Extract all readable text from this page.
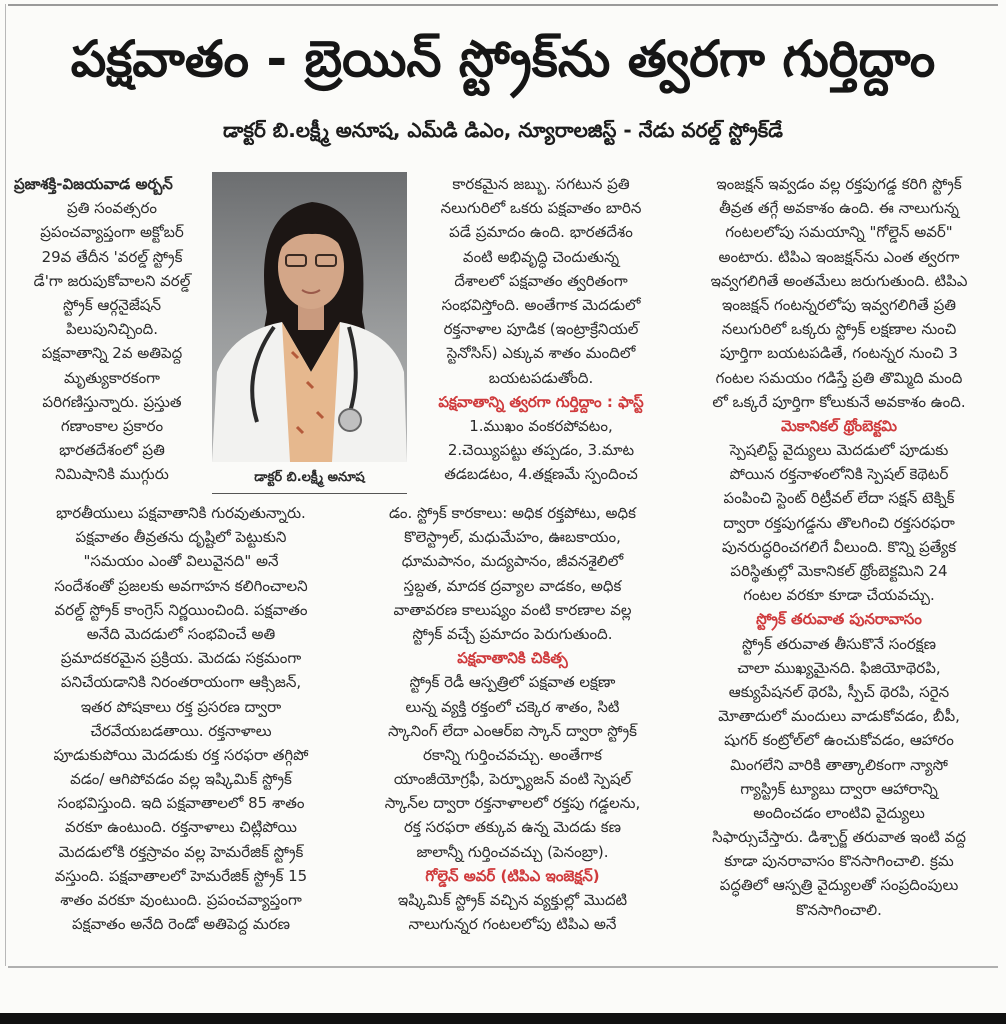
పక్షవాతం - బ్రెయిన్ స్ట్రోక్‌ను త్వరగా గుర్తిద్దాం
డాక్టర్ బి.లక్ష్మీ అనూష, ఎమ్‌డి డిఎం, న్యూరాలజిస్ట్ - నేడు వరల్డ్ స్ట్రోక్‌డే
ప్రజాశక్తి-విజయవాడ అర్బన్
ప్రతి సంవత్సరం
ప్రపంచవ్యాప్తంగా అక్టోబర్
29వ తేదీన 'వరల్డ్ స్ట్రోక్
డే'గా జరుపుకోవాలని వరల్డ్
స్ట్రోక్ ఆర్గనైజేషన్
పిలుపునిచ్చింది.
పక్షవాతాన్ని 2వ అతిపెద్ద
మృత్యుకారకంగా
పరిగణిస్తున్నారు. ప్రస్తుత
గణాంకాల ప్రకారం
భారతదేశంలో ప్రతి
నిమిషానికి ముగ్గురు
భారతీయులు పక్షవాతానికి గురవుతున్నారు.
పక్షవాతం తీవ్రతను దృష్టిలో పెట్టుకుని
"సమయం ఎంతో విలువైనది" అనే
సందేశంతో ప్రజలకు అవగాహన కలిగించాలని
వరల్డ్ స్ట్రోక్ కాంగ్రెస్ నిర్ణయించింది. పక్షవాతం
అనేది మెదడులో సంభవించే అతి
ప్రమాదకరమైన ప్రక్రియ. మెదడు సక్రమంగా
పనిచేయడానికి నిరంతరాయంగా ఆక్సిజన్,
ఇతర పోషకాలు రక్త ప్రసరణ ద్వారా
చేరవేయబడతాయి. రక్తనాళాలు
పూడుకుపోయి మెదడుకు రక్త సరఫరా తగ్గిపో
వడం/ ఆగిపోవడం వల్ల ఇష్కిమిక్ స్ట్రోక్
సంభవిస్తుంది. ఇది పక్షవాతాలలో 85 శాతం
వరకూ ఉంటుంది. రక్తనాళాలు చిట్లిపోయి
మెదడులోకి రక్తస్రావం వల్ల హెమరేజిక్ స్ట్రోక్
వస్తుంది. పక్షవాతాలలో హెమరేజిక్ స్ట్రోక్ 15
శాతం వరకూ వుంటుంది. ప్రపంచవ్యాప్తంగా
పక్షవాతం అనేది రెండో అతిపెద్ద మరణ
డాక్టర్ బి.లక్ష్మీ అనూష
కారకమైన జబ్బు. సగటున ప్రతి
నలుగురిలో ఒకరు పక్షవాతం బారిన
పడే ప్రమాదం ఉంది. భారతదేశం
వంటి అభివృద్ధి చెందుతున్న
దేశాలలో పక్షవాతం త్వరితంగా
సంభవిస్తోంది. అంతేగాక మెదడులో
రక్తనాళాల పూడిక (ఇంట్రాక్రేనియల్
స్టెనోసిస్) ఎక్కువ శాతం మందిలో
బయటపడుతోంది.
పక్షవాతాన్ని త్వరగా గుర్తిద్దాం : ఫాస్ట్
1.ముఖం వంకరపోవటం,
2.చెయ్యిపట్టు తప్పడం, 3.మాట
తడబడటం, 4.తక్షణమే స్పందించ
డం. స్ట్రోక్ కారకాలు: అధిక రక్తపోటు, అధిక
కొలెస్ట్రాల్, మధుమేహం, ఊబకాయం,
ధూమపానం, మద్యపానం, జీవనశైలిలో
స్తబ్దత, మాదక ద్రవ్యాల వాడకం, అధిక
వాతావరణ కాలుష్యం వంటి కారణాల వల్ల
స్ట్రోక్ వచ్చే ప్రమాదం పెరుగుతుంది.
పక్షవాతానికి చికిత్స
స్ట్రోక్ రెడీ ఆస్పత్రిలో పక్షవాత లక్షణా
లున్న వ్యక్తి రక్తంలో చక్కెర శాతం, సిటి
స్కానింగ్ లేదా ఎంఆర్ఐ స్కాన్ ద్వారా స్ట్రోక్
రకాన్ని గుర్తించవచ్చు. అంతేగాక
యాంజీయోగ్రఫీ, పెర్ఫ్యూజన్ వంటి స్పెషల్
స్కాన్‌ల ద్వారా రక్తనాళాలలో రక్తపు గడ్డలను,
రక్త సరఫరా తక్కువ ఉన్న మెదడు కణ
జాలాన్నీ గుర్తించవచ్చు (పెనంబ్రా).
గోల్డెన్ అవర్ (టిపిఎ ఇంజెక్షన్)
ఇష్కిమిక్ స్ట్రోక్ వచ్చిన వ్యక్తుల్లో మొదటి
నాలుగున్నర గంటలలోపు టిపిఎ అనే
ఇంజక్షన్ ఇవ్వడం వల్ల రక్తపుగడ్డ కరిగి స్ట్రోక్
తీవ్రత తగ్గే అవకాశం ఉంది. ఈ నాలుగున్న
గంటలలోపు సమయాన్ని "గోల్డెన్ అవర్"
అంటారు. టిపిఎ ఇంజక్షన్‌ను ఎంత త్వరగా
ఇవ్వగలిగితే అంతమేలు జరుగుతుంది. టిపిఎ
ఇంజక్షన్ గంటన్నరలోపు ఇవ్వగలిగితే ప్రతి
నలుగురిలో ఒక్కరు స్ట్రోక్ లక్షణాల నుంచి
పూర్తిగా బయటపడితే, గంటన్నర నుంచి 3
గంటల సమయం గడిస్తే ప్రతి తొమ్మిది మంది
లో ఒక్కరే పూర్తిగా కోలుకునే అవకాశం ఉంది.
మెకానికల్ థ్రోంబెక్టమి
స్పెషలిస్ట్ వైద్యులు మెదడులో పూడుకు
పోయిన రక్తనాళంలోనికి స్పెషల్ కెథెటర్
పంపించి స్టెంట్ రిట్రీవల్ లేదా సక్షన్ టెక్నిక్
ద్వారా రక్తపుగడ్డను తొలగించి రక్తసరఫరా
పునరుద్ధరించగలిగే వీలుంది. కొన్ని ప్రత్యేక
పరిస్థితుల్లో మెకానికల్ థ్రోంబెక్టమిని 24
గంటల వరకూ కూడా చేయవచ్చు.
స్ట్రోక్ తరువాత పునరావాసం
స్ట్రోక్ తరువాత తీసుకొనే సంరక్షణ
చాలా ముఖ్యమైనది. ఫిజియోథెరపి,
ఆక్యుపేషనల్ థెరపి, స్పీచ్ థెరపి, సరైన
మోతాదులో మందులు వాడుకోవడం, బీపీ,
షుగర్ కంట్రోల్‌లో ఉంచుకోవడం, ఆహారం
మింగలేని వారికి తాత్కాలికంగా న్యాసో
గ్యాస్ట్రిక్ ట్యూబు ద్వారా ఆహారాన్ని
అందించడం లాంటివి వైద్యులు
సిఫార్సుచేస్తారు. డిశ్చార్జ్ తరువాత ఇంటి వద్ద
కూడా పునరావాసం కొనసాగించాలి. క్రమ
పద్ధతిలో ఆస్పత్రి వైద్యులతో సంప్రదింపులు
కొనసాగించాలి.
